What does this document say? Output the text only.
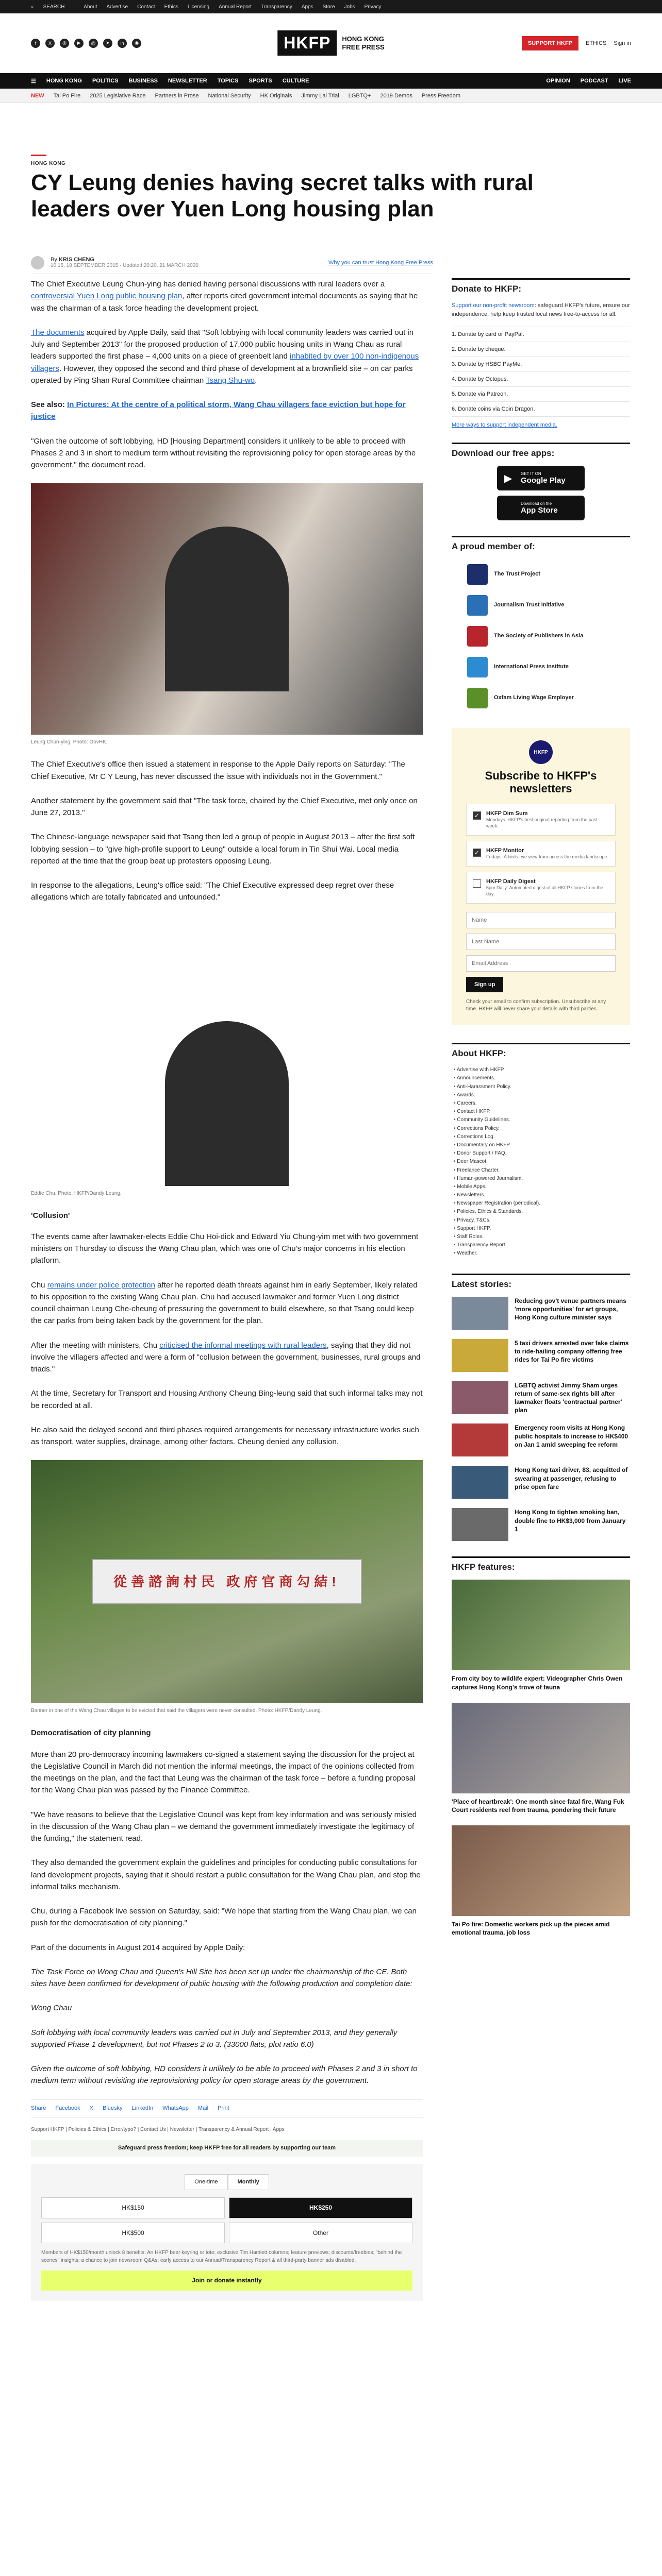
⌕ SEARCH	About Advertise Contact Ethics Licensing Annual Report Transparency Apps Store Jobs Privacy
f	X	◎	▶	@	➤	in	◉	HKFP	HONG KONG
FREE PRESS	SUPPORT HKFP	ETHICS Sign in
☰ HONG KONG POLITICS BUSINESS NEWSLETTER TOPICS SPORTS CULTURE	OPINION PODCAST LIVE
NEW Tai Po Fire 2025 Legislative Race Partners in Prose National Security HK Originals Jimmy Lai Trial LGBTQ+ 2019 Demos Press Freedom
HONG KONG
CY Leung denies having secret talks with rural leaders over Yuen Long housing plan
By KRIS CHENG
10:15, 18 SEPTEMBER 2015 · Updated 20:20, 21 MARCH 2020	Why you can trust Hong Kong Free Press

The Chief Executive Leung Chun-ying has denied having personal discussions with rural leaders over a controversial Yuen Long public housing plan, after reports cited government internal documents as saying that he was the chairman of a task force heading the development project.

The documents acquired by Apple Daily, said that "Soft lobbying with local community leaders was carried out in July and September 2013" for the proposed production of 17,000 public housing units in Wang Chau as rural leaders supported the first phase – 4,000 units on a piece of greenbelt land inhabited by over 100 non-indigenous villagers. However, they opposed the second and third phase of development at a brownfield site – on car parks operated by Ping Shan Rural Committee chairman Tsang Shu-wo.

See also: In Pictures: At the centre of a political storm, Wang Chau villagers face eviction but hope for justice

"Given the outcome of soft lobbying, HD [Housing Department] considers it unlikely to be able to proceed with Phases 2 and 3 in short to medium term without revisiting the reprovisioning policy for open storage areas by the government," the document read.

Leung Chun-ying. Photo: GovHK.

The Chief Executive's office then issued a statement in response to the Apple Daily reports on Saturday: "The Chief Executive, Mr C Y Leung, has never discussed the issue with individuals not in the Government."

Another statement by the government said that "The task force, chaired by the Chief Executive, met only once on June 27, 2013."

The Chinese-language newspaper said that Tsang then led a group of people in August 2013 – after the first soft lobbying session – to "give high-profile support to Leung" outside a local forum in Tin Shui Wai. Local media reported at the time that the group beat up protesters opposing Leung.

In response to the allegations, Leung's office said: "The Chief Executive expressed deep regret over these allegations which are totally fabricated and unfounded."

Eddie Chu. Photo: HKFP/Dandy Leung.
'Collusion'

The events came after lawmaker-elects Eddie Chu Hoi-dick and Edward Yiu Chung-yim met with two government ministers on Thursday to discuss the Wang Chau plan, which was one of Chu's major concerns in his election platform.

Chu remains under police protection after he reported death threats against him in early September, likely related to his opposition to the existing Wang Chau plan. Chu had accused lawmaker and former Yuen Long district council chairman Leung Che-cheung of pressuring the government to build elsewhere, so that Tsang could keep the car parks from being taken back by the government for the plan.

After the meeting with ministers, Chu criticised the informal meetings with rural leaders, saying that they did not involve the villagers affected and were a form of "collusion between the government, businesses, rural groups and triads."

At the time, Secretary for Transport and Housing Anthony Cheung Bing-leung said that such informal talks may not be recorded at all.

He also said the delayed second and third phases required arrangements for necessary infrastructure works such as transport, water supplies, drainage, among other factors. Cheung denied any collusion.

從善諮詢村民 政府官商勾結!
Banner in one of the Wang Chau villages to be evicted that said the villagers were never consulted. Photo: HKFP/Dandy Leung.
Democratisation of city planning

More than 20 pro-democracy incoming lawmakers co-signed a statement saying the discussion for the project at the Legislative Council in March did not mention the informal meetings, the impact of the opinions collected from the meetings on the plan, and the fact that Leung was the chairman of the task force – before a funding proposal for the Wang Chau plan was passed by the Finance Committee.

"We have reasons to believe that the Legislative Council was kept from key information and was seriously misled in the discussion of the Wang Chau plan – we demand the government immediately investigate the legitimacy of the funding," the statement read.

They also demanded the government explain the guidelines and principles for conducting public consultations for land development projects, saying that it should restart a public consultation for the Wang Chau plan, and stop the informal talks mechanism.

Chu, during a Facebook live session on Saturday, said: "We hope that starting from the Wang Chau plan, we can push for the democratisation of city planning."

Part of the documents in August 2014 acquired by Apple Daily:

The Task Force on Wong Chau and Queen's Hill Site has been set up under the chairmanship of the CE. Both sites have been confirmed for development of public housing with the following production and completion date:

Wong Chau

Soft lobbying with local community leaders was carried out in July and September 2013, and they generally supported Phase 1 development, but not Phases 2 to 3. (33000 flats, plot ratio 6.0)

Given the outcome of soft lobbying, HD considers it unlikely to be able to proceed with Phases 2 and 3 in short to medium term without revisiting the reprovisioning policy for open storage areas by the government.

Share Facebook X Bluesky LinkedIn WhatsApp Mail Print
Support HKFP | Policies & Ethics | Error/typo? | Contact Us | Newsletter | Transparency & Annual Report | Apps
Safeguard press freedom; keep HKFP free for all readers by supporting our team
One-time	Monthly
HK$150	HK$250
HK$500	Other
Members of HK$150/month unlock 8 benefits: An HKFP beer keyring or tote; exclusive Tim Hamlett columns; feature previews; discounts/freebies; "behind the scenes" insights; a chance to join newsroom Q&As; early access to our Annual/Transparency Report & all third-party banner ads disabled.
Join or donate instantly
Donate to HKFP:
Support our non-profit newsroom: safeguard HKFP's future, ensure our independence, help keep trusted local news free-to-access for all.
1. Donate by card or PayPal.
2. Donate by cheque.
3. Donate by HSBC PayMe.
4. Donate by Octopus.
5. Donate via Patreon.
6. Donate coins via Coin Dragon.
More ways to support independent media.
Download our free apps:
▶ GET IT ON
Google Play
Download on the
App Store
A proud member of:
The Trust Project
Journalism Trust Initiative
The Society of Publishers in Asia
International Press Institute
Oxfam Living Wage Employer
HKFP
Subscribe to HKFP's newsletters
✓ HKFP Dim Sum
Mondays: HKFP's best original reporting from the past week.
✓ HKFP Monitor
Fridays: A birds-eye view from across the media landscape.
HKFP Daily Digest
5pm Daily: Automated digest of all HKFP stories from the day.
Name Last Name Email Address
Sign up
Check your email to confirm subscription. Unsubscribe at any time. HKFP will never share your details with third parties.
About HKFP:
• Advertise with HKFP.
• Announcements.
• Anti-Harassment Policy.
• Awards.
• Careers.
• Contact HKFP.
• Community Guidelines.
• Corrections Policy.
• Corrections Log.
• Documentary on HKFP.
• Donor Support / FAQ.
• Deer Mascot.
• Freelance Charter.
• Human-powered Journalism.
• Mobile Apps.
• Newsletters.
• Newspaper Registration (periodical).
• Policies, Ethics & Standards.
• Privacy, T&Cs.
• Support HKFP.
• Staff Roles.
• Transparency Report.
• Weather.
Latest stories:
Reducing gov't venue partners means 'more opportunities' for art groups, Hong Kong culture minister says
5 taxi drivers arrested over fake claims to ride-hailing company offering free rides for Tai Po fire victims
LGBTQ activist Jimmy Sham urges return of same-sex rights bill after lawmaker floats 'contractual partner' plan
Emergency room visits at Hong Kong public hospitals to increase to HK$400 on Jan 1 amid sweeping fee reform
Hong Kong taxi driver, 83, acquitted of swearing at passenger, refusing to prise open fare
Hong Kong to tighten smoking ban, double fine to HK$3,000 from January 1
HKFP features:
From city boy to wildlife expert: Videographer Chris Owen captures Hong Kong's trove of fauna
'Place of heartbreak': One month since fatal fire, Wang Fuk Court residents reel from trauma, pondering their future
Tai Po fire: Domestic workers pick up the pieces amid emotional trauma, job loss
